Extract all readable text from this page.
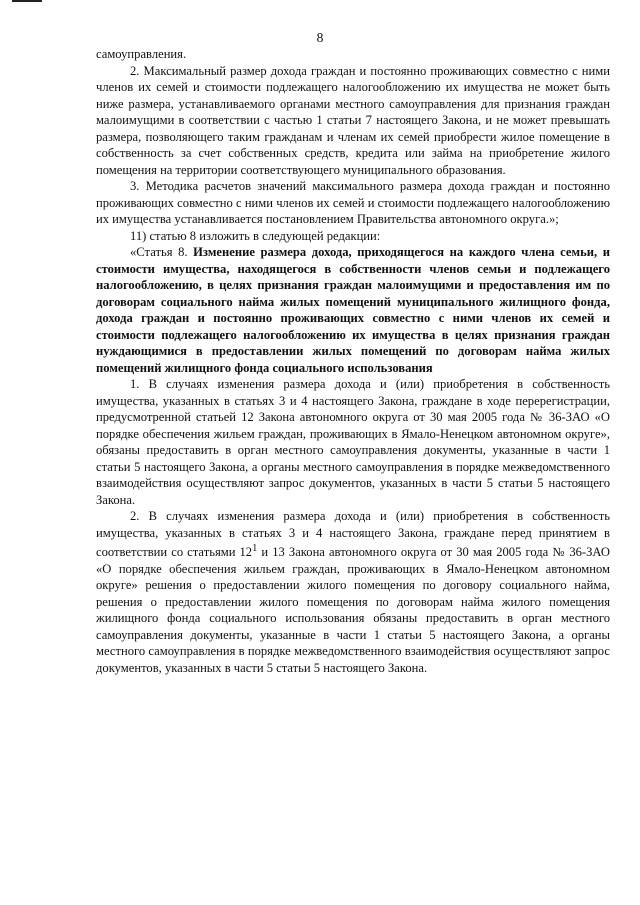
8

самоуправления.

2. Максимальный размер дохода граждан и постоянно проживающих совместно с ними членов их семей и стоимости подлежащего налогообложению их имущества не может быть ниже размера, устанавливаемого органами местного самоуправления для признания граждан малоимущими в соответствии с частью 1 статьи 7 настоящего Закона, и не может превышать размера, позволяющего таким гражданам и членам их семей приобрести жилое помещение в собственность за счет собственных средств, кредита или займа на приобретение жилого помещения на территории соответствующего муниципального образования.

3. Методика расчетов значений максимального размера дохода граждан и постоянно проживающих совместно с ними членов их семей и стоимости подлежащего налогообложению их имущества устанавливается постановлением Правительства автономного округа.»;

11) статью 8 изложить в следующей редакции:

«Статья 8. Изменение размера дохода, приходящегося на каждого члена семьи, и стоимости имущества, находящегося в собственности членов семьи и подлежащего налогообложению, в целях признания граждан малоимущими и предоставления им по договорам социального найма жилых помещений муниципального жилищного фонда, дохода граждан и постоянно проживающих совместно с ними членов их семей и стоимости подлежащего налогообложению их имущества в целях признания граждан нуждающимися в предоставлении жилых помещений по договорам найма жилых помещений жилищного фонда социального использования

1. В случаях изменения размера дохода и (или) приобретения в собственность имущества, указанных в статьях 3 и 4 настоящего Закона, граждане в ходе перерегистрации, предусмотренной статьей 12 Закона автономного округа от 30 мая 2005 года № 36-ЗАО «О порядке обеспечения жильем граждан, проживающих в Ямало-Ненецком автономном округе», обязаны предоставить в орган местного самоуправления документы, указанные в части 1 статьи 5 настоящего Закона, а органы местного самоуправления в порядке межведомственного взаимодействия осуществляют запрос документов, указанных в части 5 статьи 5 настоящего Закона.

2. В случаях изменения размера дохода и (или) приобретения в собственность имущества, указанных в статьях 3 и 4 настоящего Закона, граждане перед принятием в соответствии со статьями $12^1$ и 13 Закона автономного округа от 30 мая 2005 года № 36-ЗАО «О порядке обеспечения жильем граждан, проживающих в Ямало-Ненецком автономном округе» решения о предоставлении жилого помещения по договору социального найма, решения о предоставлении жилого помещения по договорам найма жилого помещения жилищного фонда социального использования обязаны предоставить в орган местного самоуправления документы, указанные в части 1 статьи 5 настоящего Закона, а органы местного самоуправления в порядке межведомственного взаимодействия осуществляют запрос документов, указанных в части 5 статьи 5 настоящего Закона.
